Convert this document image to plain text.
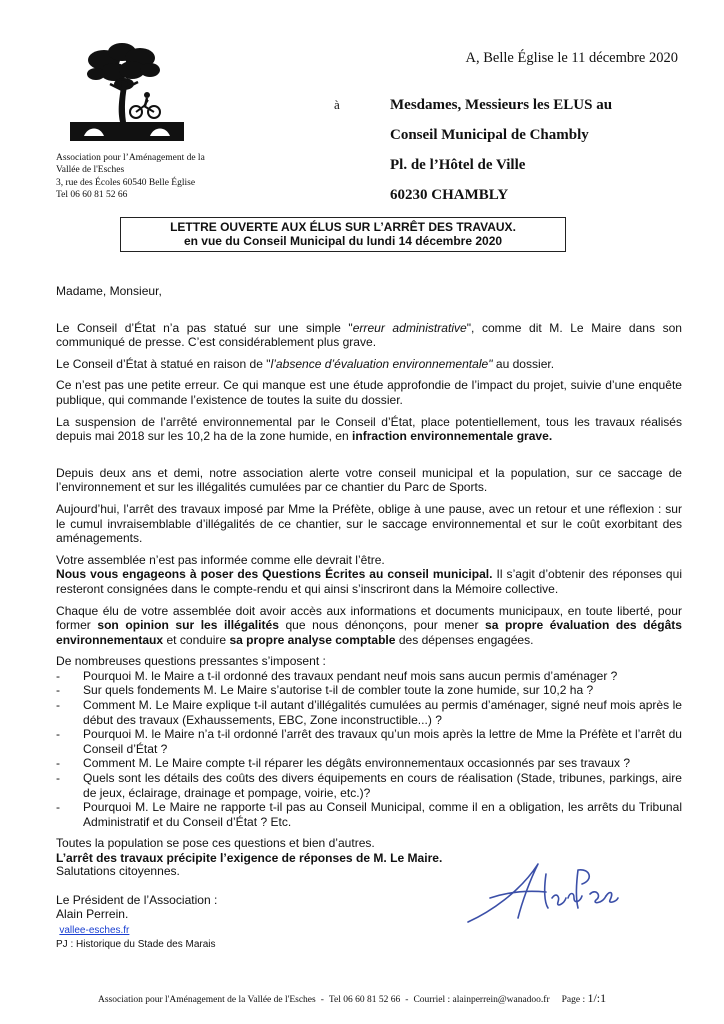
A, Belle Église le 11 décembre 2020
à	Mesdames, Messieurs les ELUS au
Conseil Municipal de Chambly
Pl. de l’Hôtel de Ville
60230 CHAMBLY
Association pour l’Aménagement de la
Vallée de l'Esches
3, rue des Écoles 60540 Belle Église
Tel 06 60 81 52 66
LETTRE OUVERTE AUX ÉLUS SUR L’ARRÊT DES TRAVAUX.
en vue du Conseil Municipal du lundi 14 décembre 2020

Madame, Monsieur,

Le Conseil d’État n’a pas statué sur une simple "erreur administrative", comme dit M. Le Maire dans son communiqué de presse. C’est considérablement plus grave.

Le Conseil d’État à statué en raison de "l’absence d’évaluation environnementale" au dossier.

Ce n’est pas une petite erreur. Ce qui manque est une étude approfondie de l’impact du projet, suivie d’une enquête publique, qui commande l’existence de toutes la suite du dossier.

La suspension de l’arrêté environnemental par le Conseil d’État, place potentiellement, tous les travaux réalisés depuis mai 2018 sur les 10,2 ha de la zone humide, en infraction environnementale grave.

Depuis deux ans et demi, notre association alerte votre conseil municipal et la population, sur ce saccage de l’environnement et sur les illégalités cumulées par ce chantier du Parc de Sports.

Aujourd’hui, l’arrêt des travaux imposé par Mme la Préfète, oblige à une pause, avec un retour et une réflexion : sur le cumul invraisemblable d’illégalités de ce chantier, sur le saccage environnemental et sur le coût exorbitant des aménagements.

Votre assemblée n’est pas informée comme elle devrait l’être.
Nous vous engageons à poser des Questions Écrites au conseil municipal. Il s’agit d’obtenir des réponses qui resteront consignées dans le compte-rendu et qui ainsi s’inscriront dans la Mémoire collective.

Chaque élu de votre assemblée doit avoir accès aux informations et documents municipaux, en toute liberté, pour former son opinion sur les illégalités que nous dénonçons, pour mener sa propre évaluation des dégâts environnementaux et conduire sa propre analyse comptable des dépenses engagées.

De nombreuses questions pressantes s’imposent :

- Pourquoi M. le Maire a t-il ordonné des travaux pendant neuf mois sans aucun permis d’aménager ?
- Sur quels fondements M. Le Maire s’autorise t-il de combler toute la zone humide, sur 10,2 ha ?
- Comment M. Le Maire explique t-il autant d’illégalités cumulées au permis d’aménager, signé neuf mois après le début des travaux (Exhaussements, EBC, Zone inconstructible...) ?
- Pourquoi M. le Maire n’a t-il ordonné l’arrêt des travaux qu’un mois après la lettre de Mme la Préfète et l’arrêt du Conseil d’État ?
- Comment M. Le Maire compte t-il réparer les dégâts environnementaux occasionnés par ses travaux ?
- Quels sont les détails des coûts des divers équipements en cours de réalisation (Stade, tribunes, parkings, aire de jeux, éclairage, drainage et pompage, voirie, etc.)?
- Pourquoi M. Le Maire ne rapporte t-il pas au Conseil Municipal, comme il en a obligation, les arrêts du Tribunal Administratif et du Conseil d’État ? Etc.

Toutes la population se pose ces questions et bien d’autres.
L’arrêt des travaux précipite l’exigence de réponses de M. Le Maire.

Salutations citoyennes.
Le Président de l’Association :
Alain Perrein.
vallee-esches.fr
PJ : Historique du Stade des Marais
Association pour l'Aménagement de la Vallée de l'Esches - Tel 06 60 81 52 66 - Courriel : alainperrein@wanadoo.fr Page : 1/:1
